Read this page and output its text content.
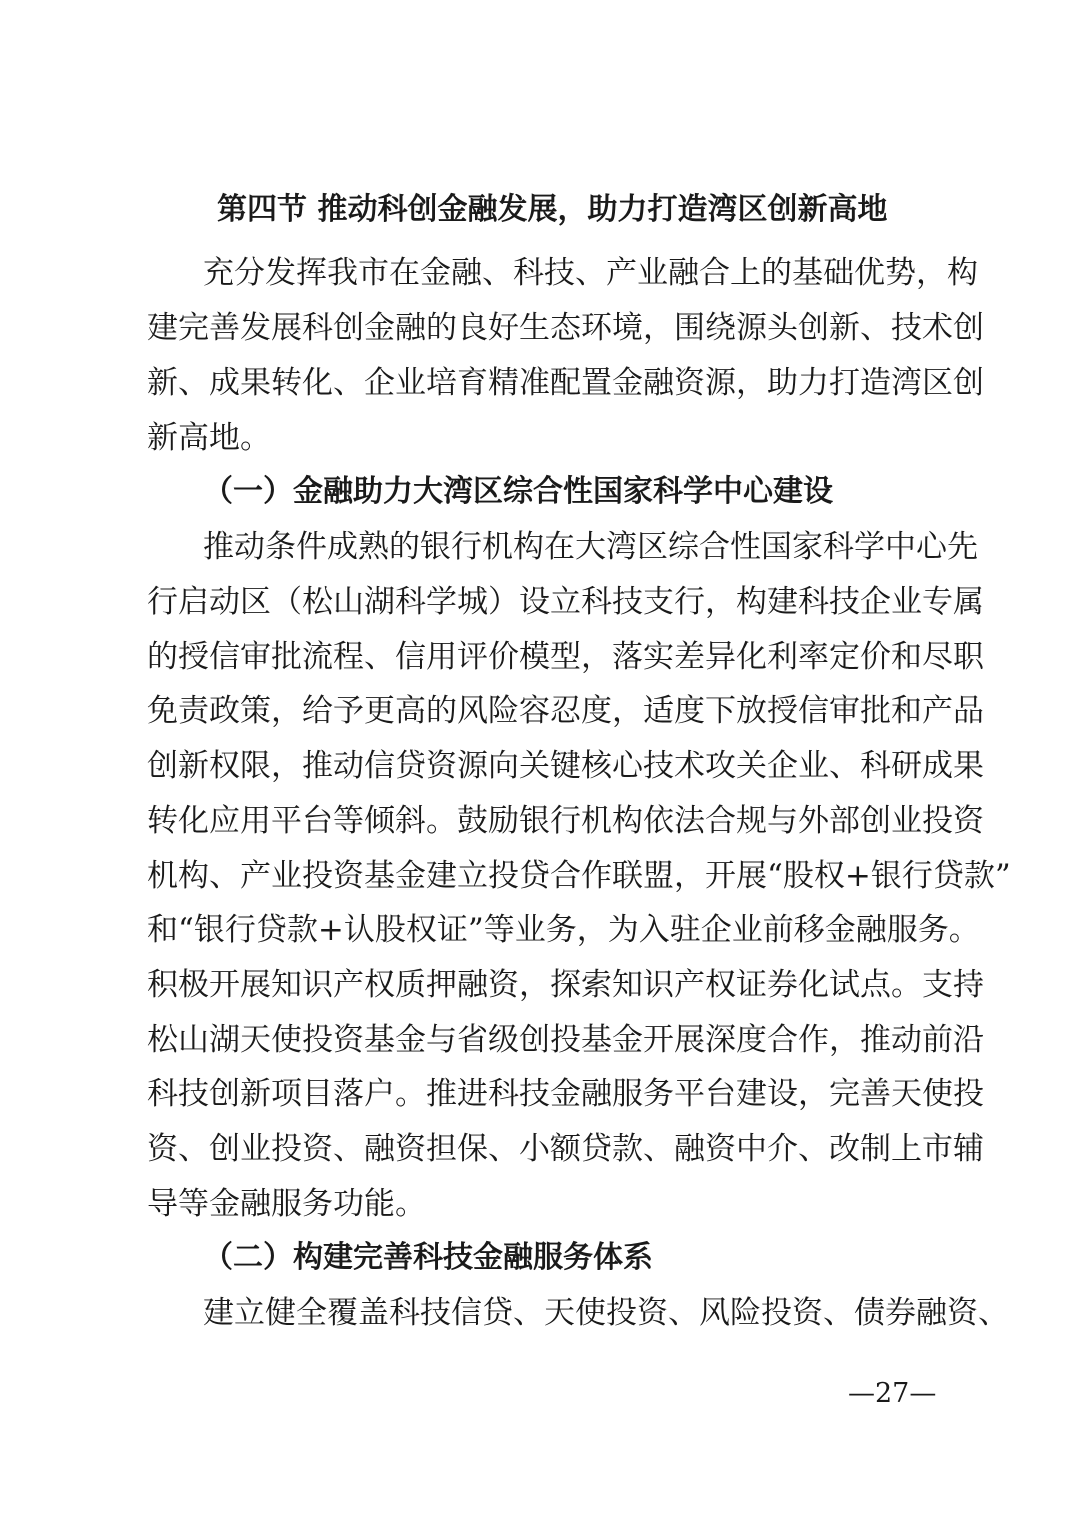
第四节 推动科创金融发展，助力打造湾区创新高地
充 分 发 挥 我 市 在 金 融 、 科 技 、 产 业 融 合 上 的 基 础 优 势 ， 构
建 完 善 发 展 科 创 金 融 的 良 好 生 态 环 境 ， 围 绕 源 头 创 新 、 技 术 创
新 、 成 果 转 化 、 企 业 培 育 精 准 配 置 金 融 资 源 ， 助 力 打 造 湾 区 创
新高地。
（一）金融助力大湾区综合性国家科学中心建设
推动条件成熟的银行机构在大湾区综合性国家科学中心先
行 启 动 区 （ 松 山 湖 科 学 城 ） 设 立 科 技 支 行 ， 构 建 科 技 企 业 专 属
的 授 信 审 批 流 程 、 信 用 评 价 模 型 ， 落 实 差 异 化 利 率 定 价 和 尽 职
免 责 政 策 ， 给 予 更 高 的 风 险 容 忍 度 ， 适 度 下 放 授 信 审 批 和 产 品
创 新 权 限 ， 推 动 信 贷 资 源 向 关 键 核 心 技 术 攻 关 企 业 、 科 研 成 果
转 化 应 用 平 台 等 倾 斜 。 鼓 励 银 行 机 构 依 法 合 规 与 外 部 创 业 投 资
机 构 、 产 业 投 资 基 金 建 立 投 贷 合 作 联 盟 ， 开 展 “ 股 权 + 银 行 贷 款 ”
和 “ 银 行 贷 款 + 认 股 权 证 ” 等 业 务 ， 为 入 驻 企 业 前 移 金 融 服 务 。
积 极 开 展 知 识 产 权 质 押 融 资 ， 探 索 知 识 产 权 证 券 化 试 点 。 支 持
松 山 湖 天 使 投 资 基 金 与 省 级 创 投 基 金 开 展 深 度 合 作 ， 推 动 前 沿
科 技 创 新 项 目 落 户 。 推 进 科 技 金 融 服 务 平 台 建 设 ， 完 善 天 使 投
资 、 创 业 投 资 、 融 资 担 保 、 小 额 贷 款 、 融 资 中 介 、 改 制 上 市 辅
导等金融服务功能。
（二）构建完善科技金融服务体系
建立健全覆盖科技信贷、天使投资、风险投资、债券融资、
—27—
